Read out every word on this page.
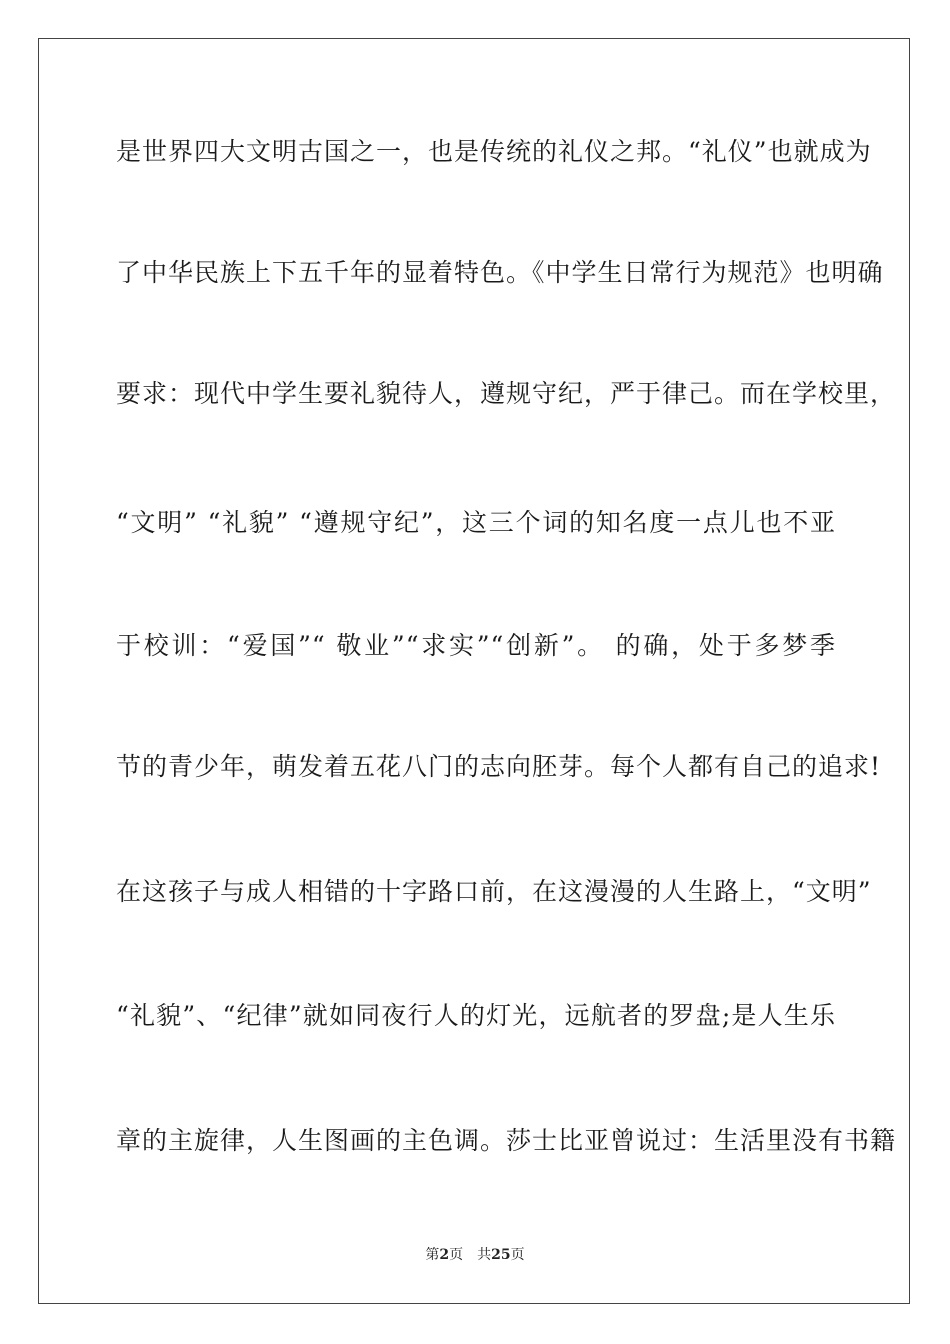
是世界四大文明古国之一，也是传统的礼仪之邦。“礼仪”也就成为
了中华民族上下五千年的显着特色。《中学生日常行为规范》也明确
要求：现代中学生要礼貌待人，遵规守纪，严于律己。而在学校里，
“文明” “礼貌” “遵规守纪”，这三个词的知名度一点儿也不亚
于校训：“爱国”“ 敬业”“求实”“创新”。 的确，处于多梦季
节的青少年，萌发着五花八门的志向胚芽。每个人都有自己的追求!
在这孩子与成人相错的十字路口前，在这漫漫的人生路上，“文明”
“礼貌”、“纪律”就如同夜行人的灯光，远航者的罗盘;是人生乐
章的主旋律，人生图画的主色调。莎士比亚曾说过：生活里没有书籍
第2页 共25页
